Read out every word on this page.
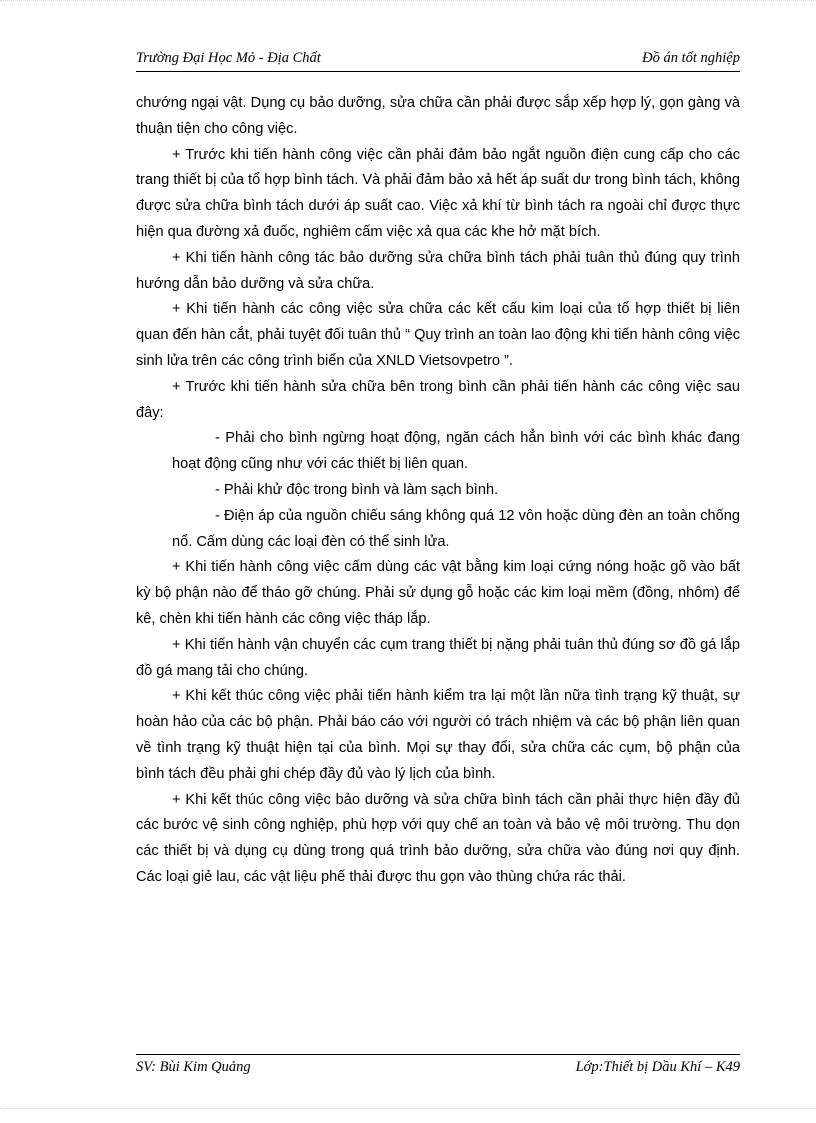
Trường Đại Học Mỏ - Địa Chất	Đồ án tốt nghiệp

chướng ngại vật. Dụng cụ bảo dưỡng, sửa chữa cần phải được sắp xếp hợp lý, gọn gàng và thuận tiện cho công việc.

+ Trước khi tiến hành công việc cần phải đảm bảo ngắt nguồn điện cung cấp cho các trang thiết bị của tổ hợp bình tách. Và phải đảm bảo xả hết áp suất dư trong bình tách, không được sửa chữa bình tách dưới áp suất cao. Việc xả khí từ bình tách ra ngoài chỉ được thực hiện qua đường xả đuốc, nghiêm cấm việc xả qua các khe hở mặt bích.

+ Khi tiến hành công tác bảo dưỡng sửa chữa bình tách phải tuân thủ đúng quy trình hướng dẫn bảo dưỡng và sửa chữa.

+ Khi tiến hành các công việc sửa chữa các kết cấu kim loại của tổ hợp thiết bị liên quan đến hàn cắt, phải tuyệt đối tuân thủ “ Quy trình an toàn lao động khi tiến hành công việc sinh lửa trên các công trình biển của XNLD Vietsovpetro ”.

+ Trước khi tiến hành sửa chữa bên trong bình cần phải tiến hành các công việc sau đây:

- Phải cho bình ngừng hoạt động, ngăn cách hẳn bình với các bình khác đang hoạt động cũng như với các thiết bị liên quan.

- Phải khử độc trong bình và làm sạch bình.

- Điện áp của nguồn chiếu sáng không quá 12 vôn hoặc dùng đèn an toàn chống nổ. Cấm dùng các loại đèn có thể sinh lửa.

+ Khi tiến hành công việc cấm dùng các vật bằng kim loại cứng nóng hoặc gõ vào bất kỳ bộ phận nào để tháo gỡ chúng. Phải sử dụng gỗ hoặc các kim loại mềm (đồng, nhôm) để kê, chèn khi tiến hành các công việc tháp lắp.

+ Khi tiến hành vận chuyển các cụm trang thiết bị nặng phải tuân thủ đúng sơ đồ gá lắp đồ gá mang tải cho chúng.

+ Khi kết thúc công việc phải tiến hành kiểm tra lại một lần nữa tình trạng kỹ thuật, sự hoàn hảo của các bộ phận. Phải báo cáo với người có trách nhiệm và các bộ phận liên quan về tình trạng kỹ thuật hiện tại của bình. Mọi sự thay đổi, sửa chữa các cụm, bộ phận của bình tách đều phải ghi chép đầy đủ vào lý lịch của bình.

+ Khi kết thúc công việc bảo dưỡng và sửa chữa bình tách cần phải thực hiện đầy đủ các bước vệ sinh công nghiệp, phù hợp với quy chế an toàn và bảo vệ môi trường. Thu dọn các thiết bị và dụng cụ dùng trong quá trình bảo dưỡng, sửa chữa vào đúng nơi quy định. Các loại giẻ lau, các vật liệu phế thải được thu gọn vào thùng chứa rác thải.

SV: Bùi Kim Quảng	Lớp:Thiết bị Dầu Khí – K49
